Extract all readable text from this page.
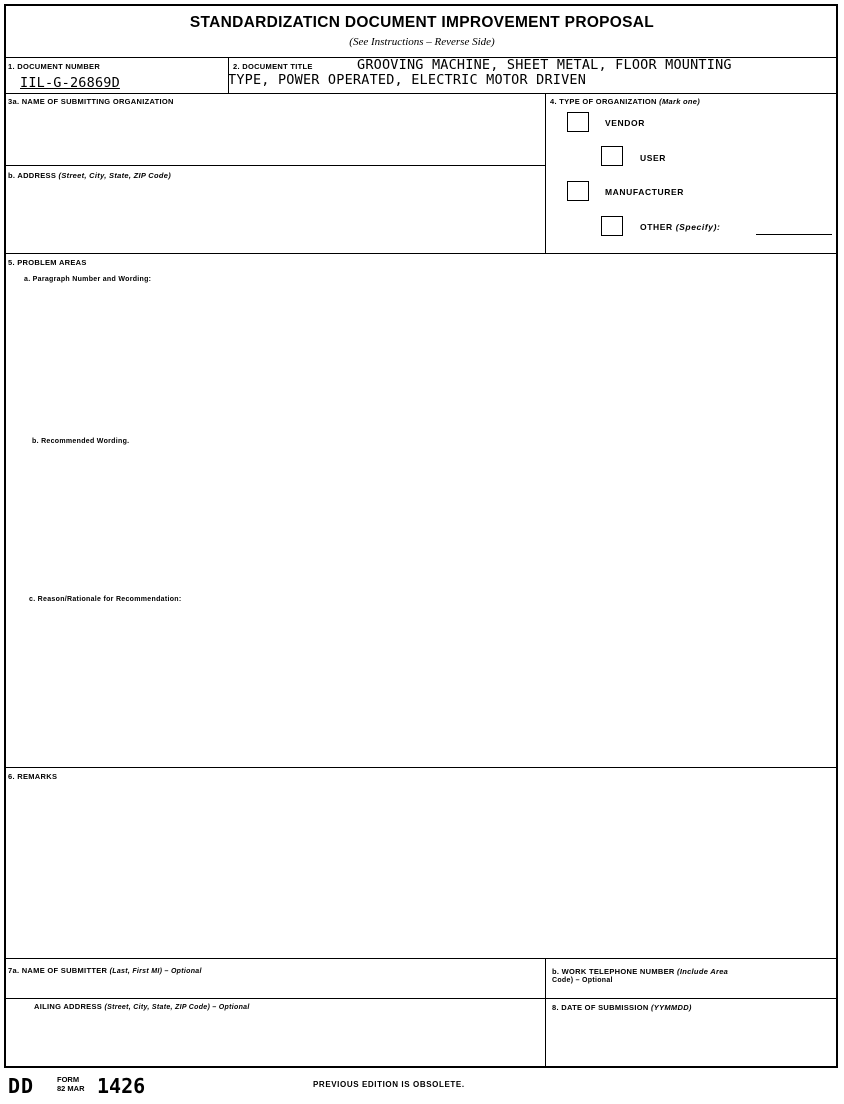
STANDARDIZATICN DOCUMENT IMPROVEMENT PROPOSAL
(See Instructions – Reverse Side)
1. DOCUMENT NUMBER
IIL-G-26869D
2. DOCUMENT TITLE	GROOVING MACHINE, SHEET METAL, FLOOR MOUNTING
TYPE, POWER OPERATED, ELECTRIC MOTOR DRIVEN
3a. NAME OF SUBMITTING ORGANIZATION
b. ADDRESS (Street, City, State, ZIP Code)
4. TYPE OF ORGANIZATION (Mark one)
VENDOR
USER
MANUFACTURER
OTHER (Specify):
5. PROBLEM AREAS
a. Paragraph Number and Wording:
b. Recommended Wording.
c. Reason/Rationale for Recommendation:
6. REMARKS
7a. NAME OF SUBMITTER (Last, First MI) – Optional	b. WORK TELEPHONE NUMBER (Include Area
Code) – Optional
AILING ADDRESS (Street, City, State, ZIP Code) – Optional	8. DATE OF SUBMISSION (YYMMDD)
DD	FORM
82 MAR 1426	PREVIOUS EDITION IS OBSOLETE.
